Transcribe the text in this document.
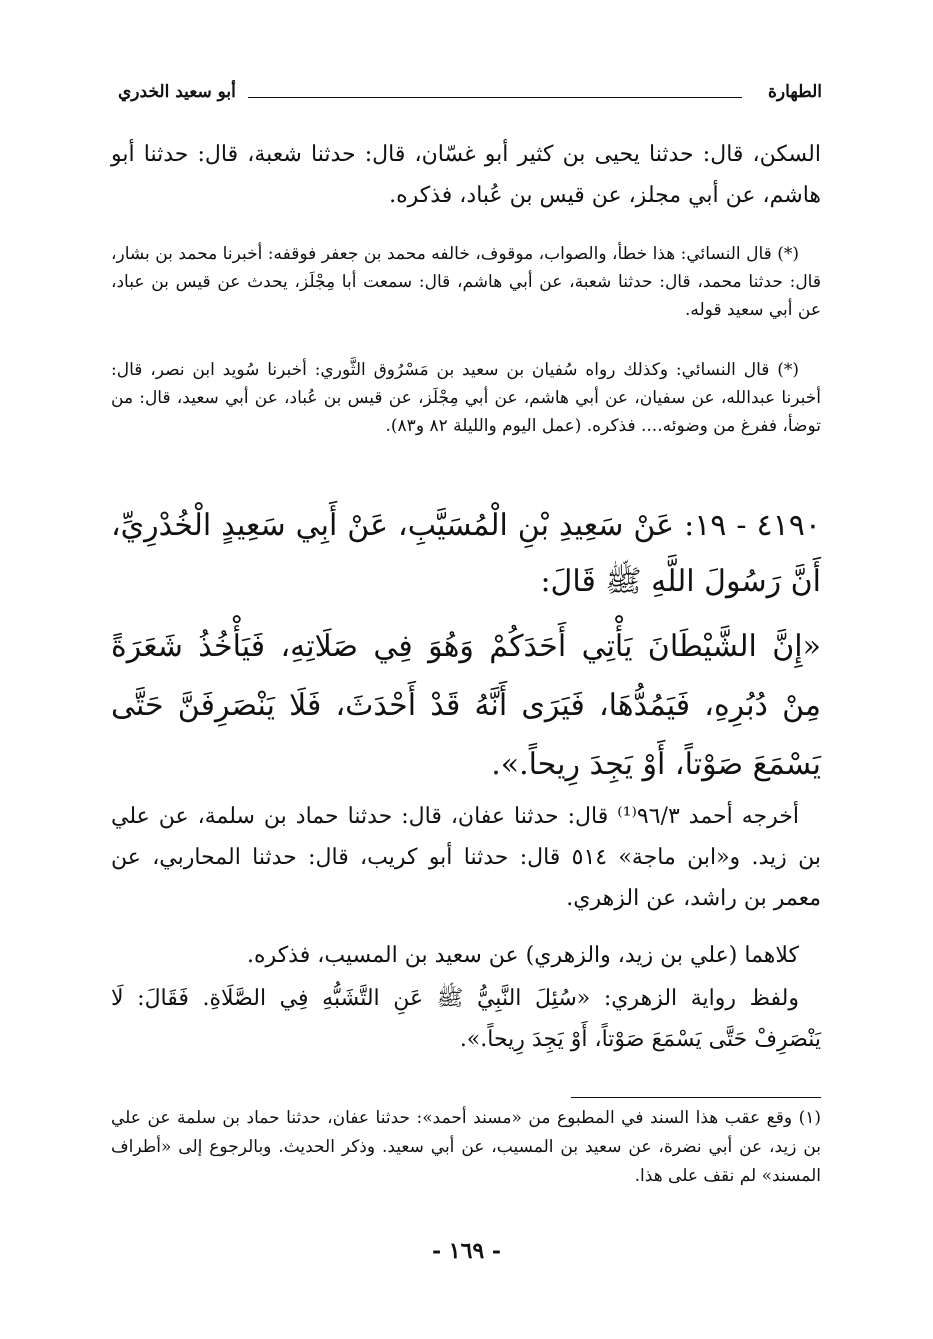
الطهارة
أبو سعيد الخدري
السكن، قال: حدثنا يحيى بن كثير أبو غسّان، قال: حدثنا شعبة، قال: حدثنا أبو هاشم، عن أبي مجلز، عن قيس بن عُباد، فذكره.
(*) قال النسائي: هذا خطأ، والصواب، موقوف، خالفه محمد بن جعفر فوقفه: أخبرنا محمد بن بشار، قال: حدثنا محمد، قال: حدثنا شعبة، عن أبي هاشم، قال: سمعت أبا مِجْلَز، يحدث عن قيس بن عباد، عن أبي سعيد قوله.
(*) قال النسائي: وكذلك رواه سُفيان بن سعيد بن مَسْرُوق الثَّوري: أخبرنا سُويد ابن نصر، قال: أخبرنا عبدالله، عن سفيان، عن أبي هاشم، عن أبي مِجْلَز، عن قيس بن عُباد، عن أبي سعيد، قال: من توضأ، ففرغ من وضوئه.... فذكره. (عمل اليوم والليلة ٨٢ و٨٣).
٤١٩٠ - ١٩: عَنْ سَعِيدِ بْنِ الْمُسَيَّبِ، عَنْ أَبِي سَعِيدٍ الْخُدْرِيِّ، أَنَّ رَسُولَ اللَّهِ ﷺ قَالَ:
«إِنَّ الشَّيْطَانَ يَأْتِي أَحَدَكُمْ وَهُوَ فِي صَلَاتِهِ، فَيَأْخُذُ شَعَرَةً مِنْ دُبُرِهِ، فَيَمُدُّهَا، فَيَرَى أَنَّهُ قَدْ أَحْدَثَ، فَلَا يَنْصَرِفَنَّ حَتَّى يَسْمَعَ صَوْتاً، أَوْ يَجِدَ رِيحاً.».
أخرجه أحمد ٩٦/٣⁽¹⁾ قال: حدثنا عفان، قال: حدثنا حماد بن سلمة، عن علي بن زيد. و«ابن ماجة» ٥١٤ قال: حدثنا أبو كريب، قال: حدثنا المحاربي، عن معمر بن راشد، عن الزهري.
كلاهما (علي بن زيد، والزهري) عن سعيد بن المسيب، فذكره.
ولفظ رواية الزهري: «سُئِلَ النَّبِيُّ ﷺ عَنِ التَّشَبُّهِ فِي الصَّلَاةِ. فَقَالَ: لَا يَنْصَرِفْ حَتَّى يَسْمَعَ صَوْتاً، أَوْ يَجِدَ رِيحاً.».
(١) وقع عقب هذا السند في المطبوع من «مسند أحمد»: حدثنا عفان، حدثنا حماد بن سلمة عن علي بن زيد، عن أبي نضرة، عن سعيد بن المسيب، عن أبي سعيد. وذكر الحديث. وبالرجوع إلى «أطراف المسند» لم نقف على هذا.
- ١٦٩ -
